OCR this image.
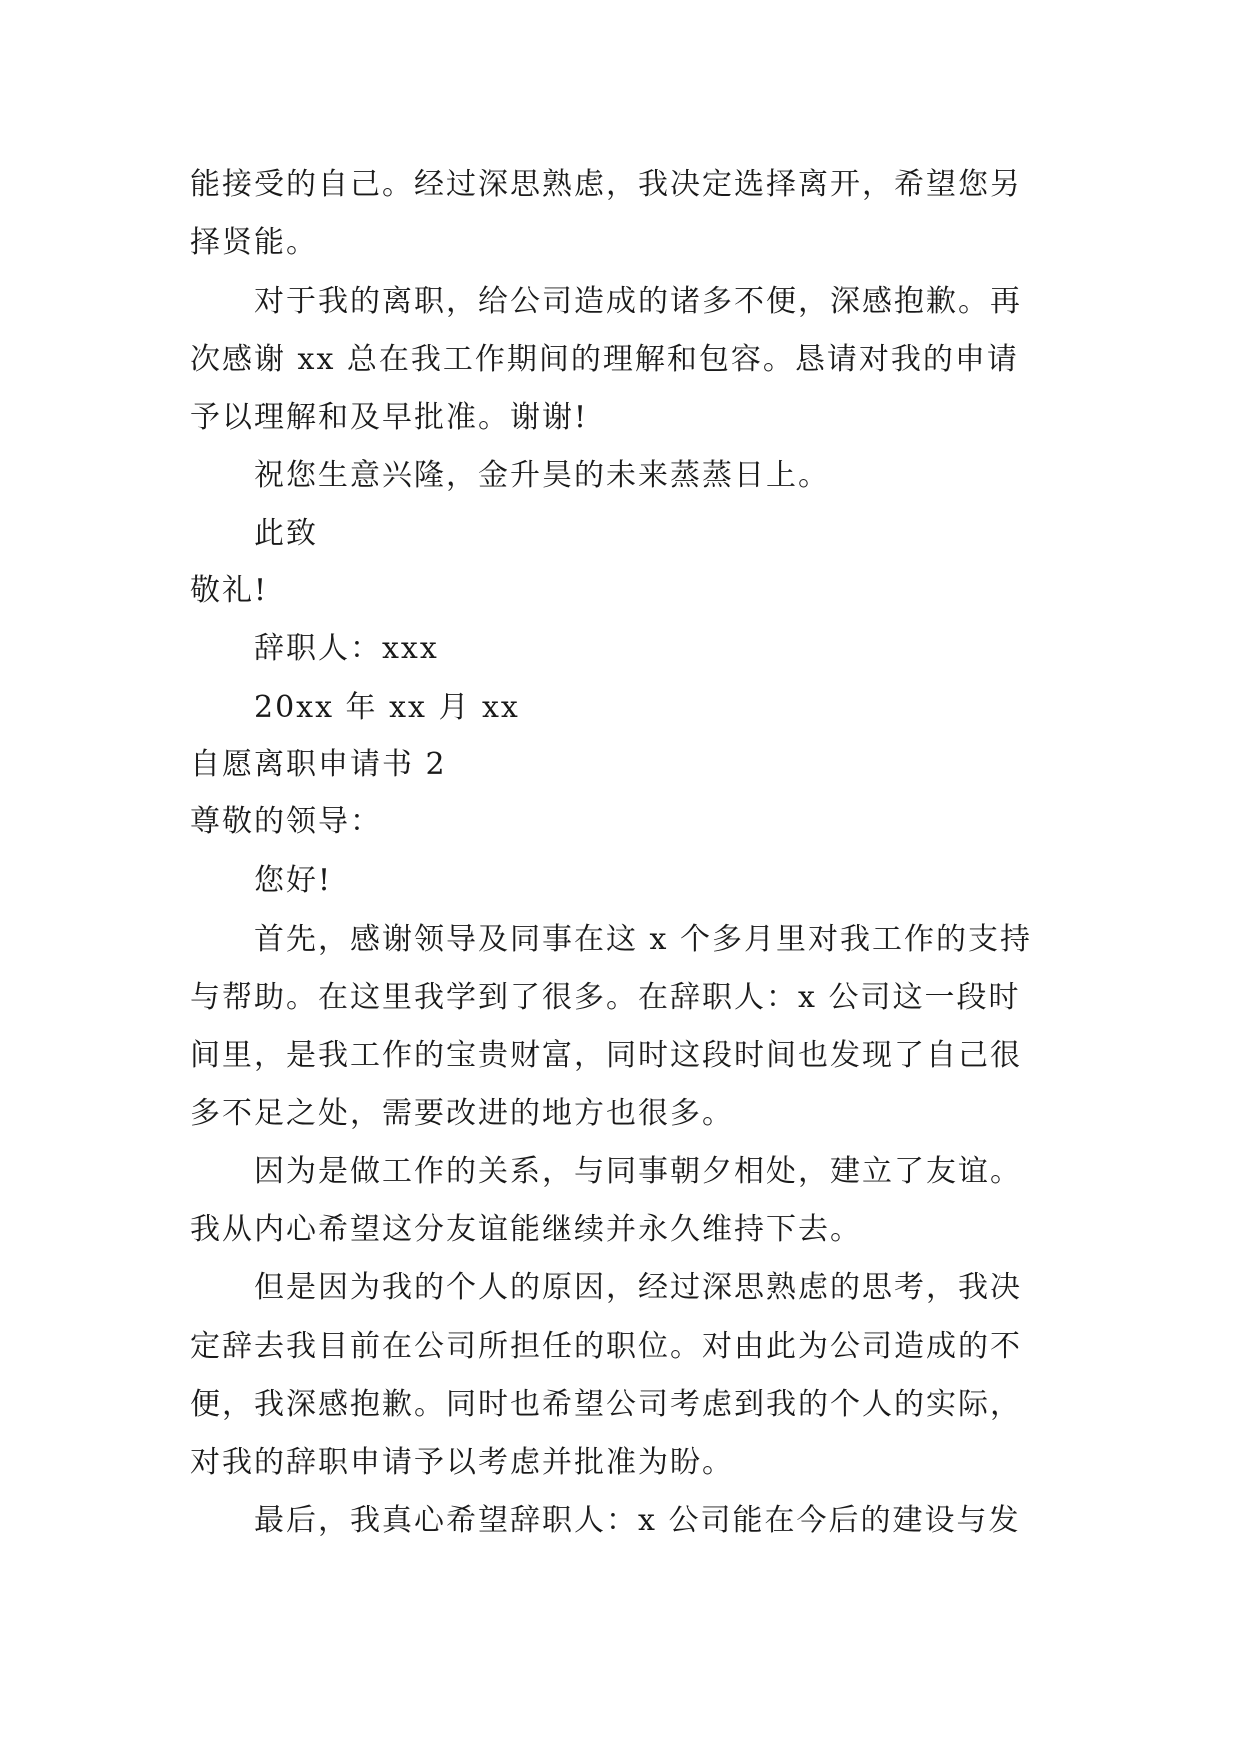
能接受的自己。经过深思熟虑，我决定选择离开，希望您另
择贤能。
对于我的离职，给公司造成的诸多不便，深感抱歉。再
次感谢 xx 总在我工作期间的理解和包容。恳请对我的申请
予以理解和及早批准。谢谢!
祝您生意兴隆，金升昊的未来蒸蒸日上。
此致
敬礼!
辞职人：xxx
20xx 年 xx 月 xx
自愿离职申请书 2
尊敬的领导：
您好!
首先，感谢领导及同事在这 x 个多月里对我工作的支持
与帮助。在这里我学到了很多。在辞职人：x 公司这一段时
间里，是我工作的宝贵财富，同时这段时间也发现了自己很
多不足之处，需要改进的地方也很多。
因为是做工作的关系，与同事朝夕相处，建立了友谊。
我从内心希望这分友谊能继续并永久维持下去。
但是因为我的个人的原因，经过深思熟虑的思考，我决
定辞去我目前在公司所担任的职位。对由此为公司造成的不
便，我深感抱歉。同时也希望公司考虑到我的个人的实际，
对我的辞职申请予以考虑并批准为盼。
最后，我真心希望辞职人：x 公司能在今后的建设与发
